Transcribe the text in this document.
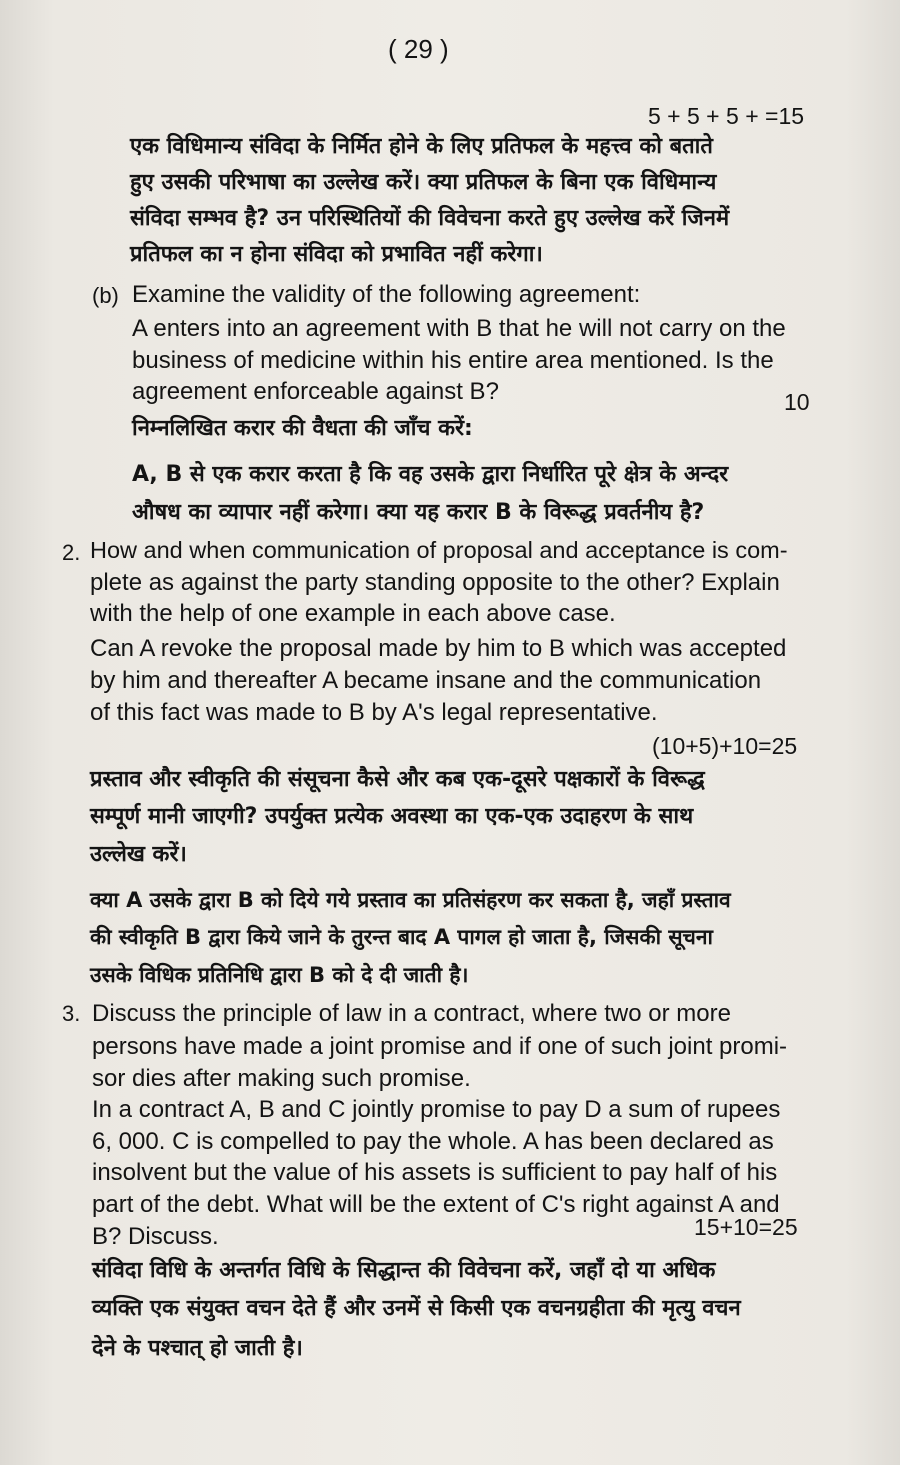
( 29 )
5 + 5 + 5 + =15
एक विधिमान्य संविदा के निर्मित होने के लिए प्रतिफल के महत्त्व को बताते
हुए उसकी परिभाषा का उल्लेख करें। क्या प्रतिफल के बिना एक विधिमान्य
संविदा सम्भव है? उन परिस्थितियों की विवेचना करते हुए उल्लेख करें जिनमें
प्रतिफल का न होना संविदा को प्रभावित नहीं करेगा।
(b) Examine the validity of the following agreement:
A enters into an agreement with B that he will not carry on the
business of medicine within his entire area mentioned. Is the
agreement enforceable against B?	10
निम्नलिखित करार की वैधता की जाँच करें:
A, B से एक करार करता है कि वह उसके द्वारा निर्धारित पूरे क्षेत्र के अन्दर
औषध का व्यापार नहीं करेगा। क्या यह करार B के विरूद्ध प्रवर्तनीय है?
2. How and when communication of proposal and acceptance is com-
plete as against the party standing opposite to the other? Explain
with the help of one example in each above case.
Can A revoke the proposal made by him to B which was accepted
by him and thereafter A became insane and the communication
of this fact was made to B by A's legal representative.
(10+5)+10=25
प्रस्ताव और स्वीकृति की संसूचना कैसे और कब एक-दूसरे पक्षकारों के विरूद्ध
सम्पूर्ण मानी जाएगी? उपर्युक्त प्रत्येक अवस्था का एक-एक उदाहरण के साथ
उल्लेख करें।
क्या A उसके द्वारा B को दिये गये प्रस्ताव का प्रतिसंहरण कर सकता है, जहाँ प्रस्ताव
की स्वीकृति B द्वारा किये जाने के तुरन्त बाद A पागल हो जाता है, जिसकी सूचना
उसके विधिक प्रतिनिधि द्वारा B को दे दी जाती है।
3. Discuss the principle of law in a contract, where two or more
persons have made a joint promise and if one of such joint promi-
sor dies after making such promise.
In a contract A, B and C jointly promise to pay D a sum of rupees
6, 000. C is compelled to pay the whole. A has been declared as
insolvent but the value of his assets is sufficient to pay half of his
part of the debt. What will be the extent of C's right against A and
B? Discuss.	15+10=25
संविदा विधि के अन्तर्गत विधि के सिद्धान्त की विवेचना करें, जहाँ दो या अधिक
व्यक्ति एक संयुक्त वचन देते हैं और उनमें से किसी एक वचनग्रहीता की मृत्यु वचन
देने के पश्चात् हो जाती है।
